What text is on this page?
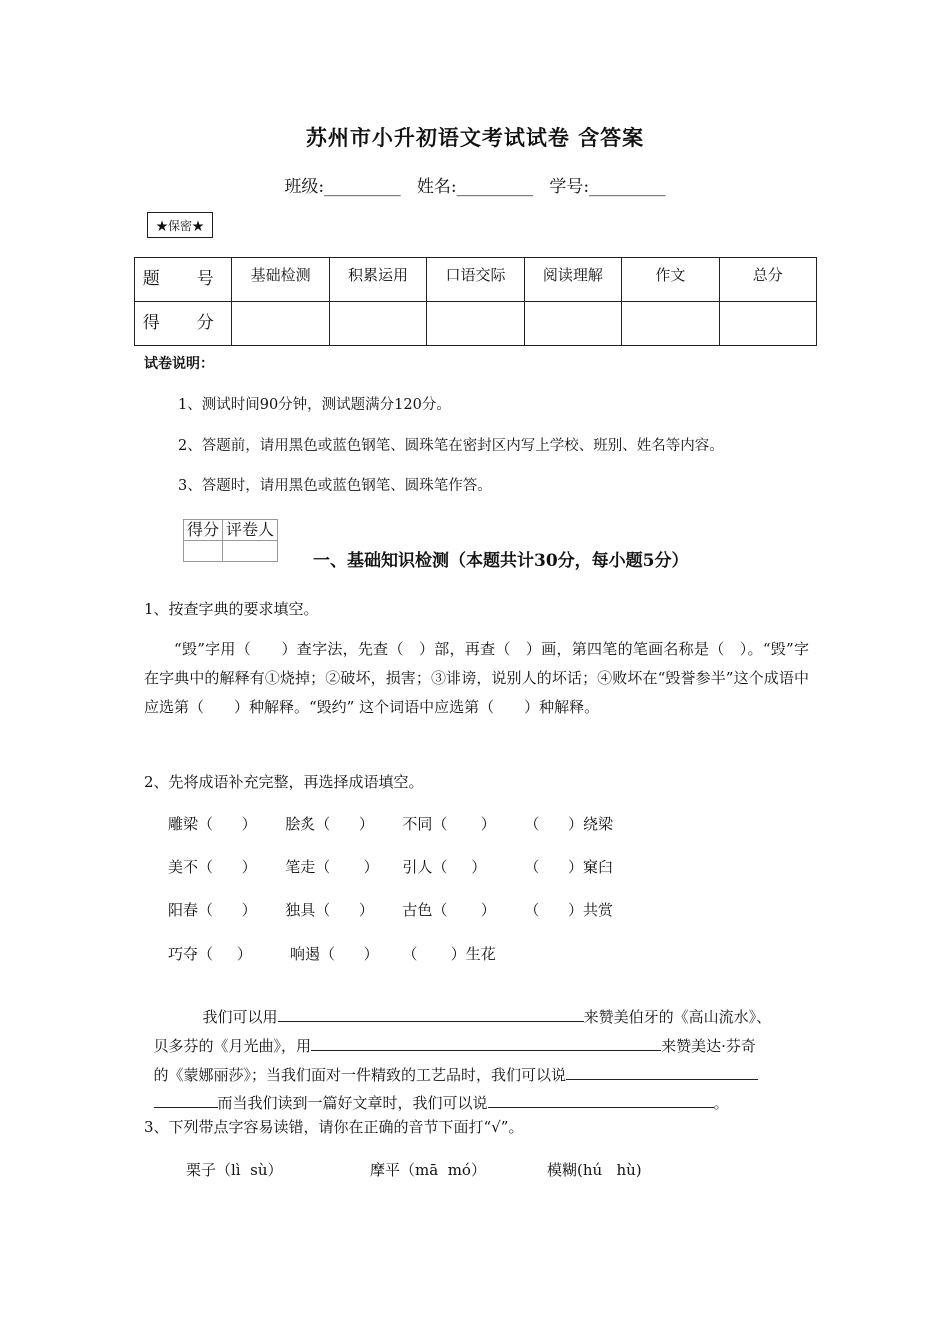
苏州市小升初语文考试试卷 含答案
班级:_________   姓名:_________   学号:_________
★保密★
题　号	基础检测	积累运用	口语交际	阅读理解	作文	总分
得　分						
试卷说明：
1、测试时间90分钟，测试题满分120分。
2、答题前，请用黑色或蓝色钢笔、圆珠笔在密封区内写上学校、班别、姓名等内容。
3、答题时，请用黑色或蓝色钢笔、圆珠笔作答。
得分	评卷人

一、基础知识检测（本题共计30分，每小题5分）
1、按查字典的要求填空。
“毁”字用（　　）查字法，先查（　）部，再查（　）画，第四笔的笔画名称是（　）。“毁”字在字典中的解释有①烧掉；②破坏，损害；③诽谤，说别人的坏话；④败坏在“毁誉参半”这个成语中应选第（　　）种解释。“毁约” 这个词语中应选第（　　）种解释。
2、先将成语补充完整，再选择成语填空。
雕梁（      ）      脍炙（      ）      不同（       ）      （      ）绕梁
美不（      ）      笔走（       ）     引人（     ）        （      ）窠臼
阳春（      ）      独具（      ）      古色（       ）      （      ）共赏
巧夺（     ）        响遏（      ）     （       ）生花

我们可以用	来赞美伯牙的《高山流水》、

贝多芬的《月光曲》，用	来赞美达·芬奇

的《蒙娜丽莎》；当我们面对一件精致的工艺品时，我们可以说

而当我们读到一篇好文章时，我们可以说	。

3、下列带点字容易读错，请你在正确的音节下面打“√”。
栗子（lì  sù）	摩平（mā  mó）	模糊(hú   hù)
